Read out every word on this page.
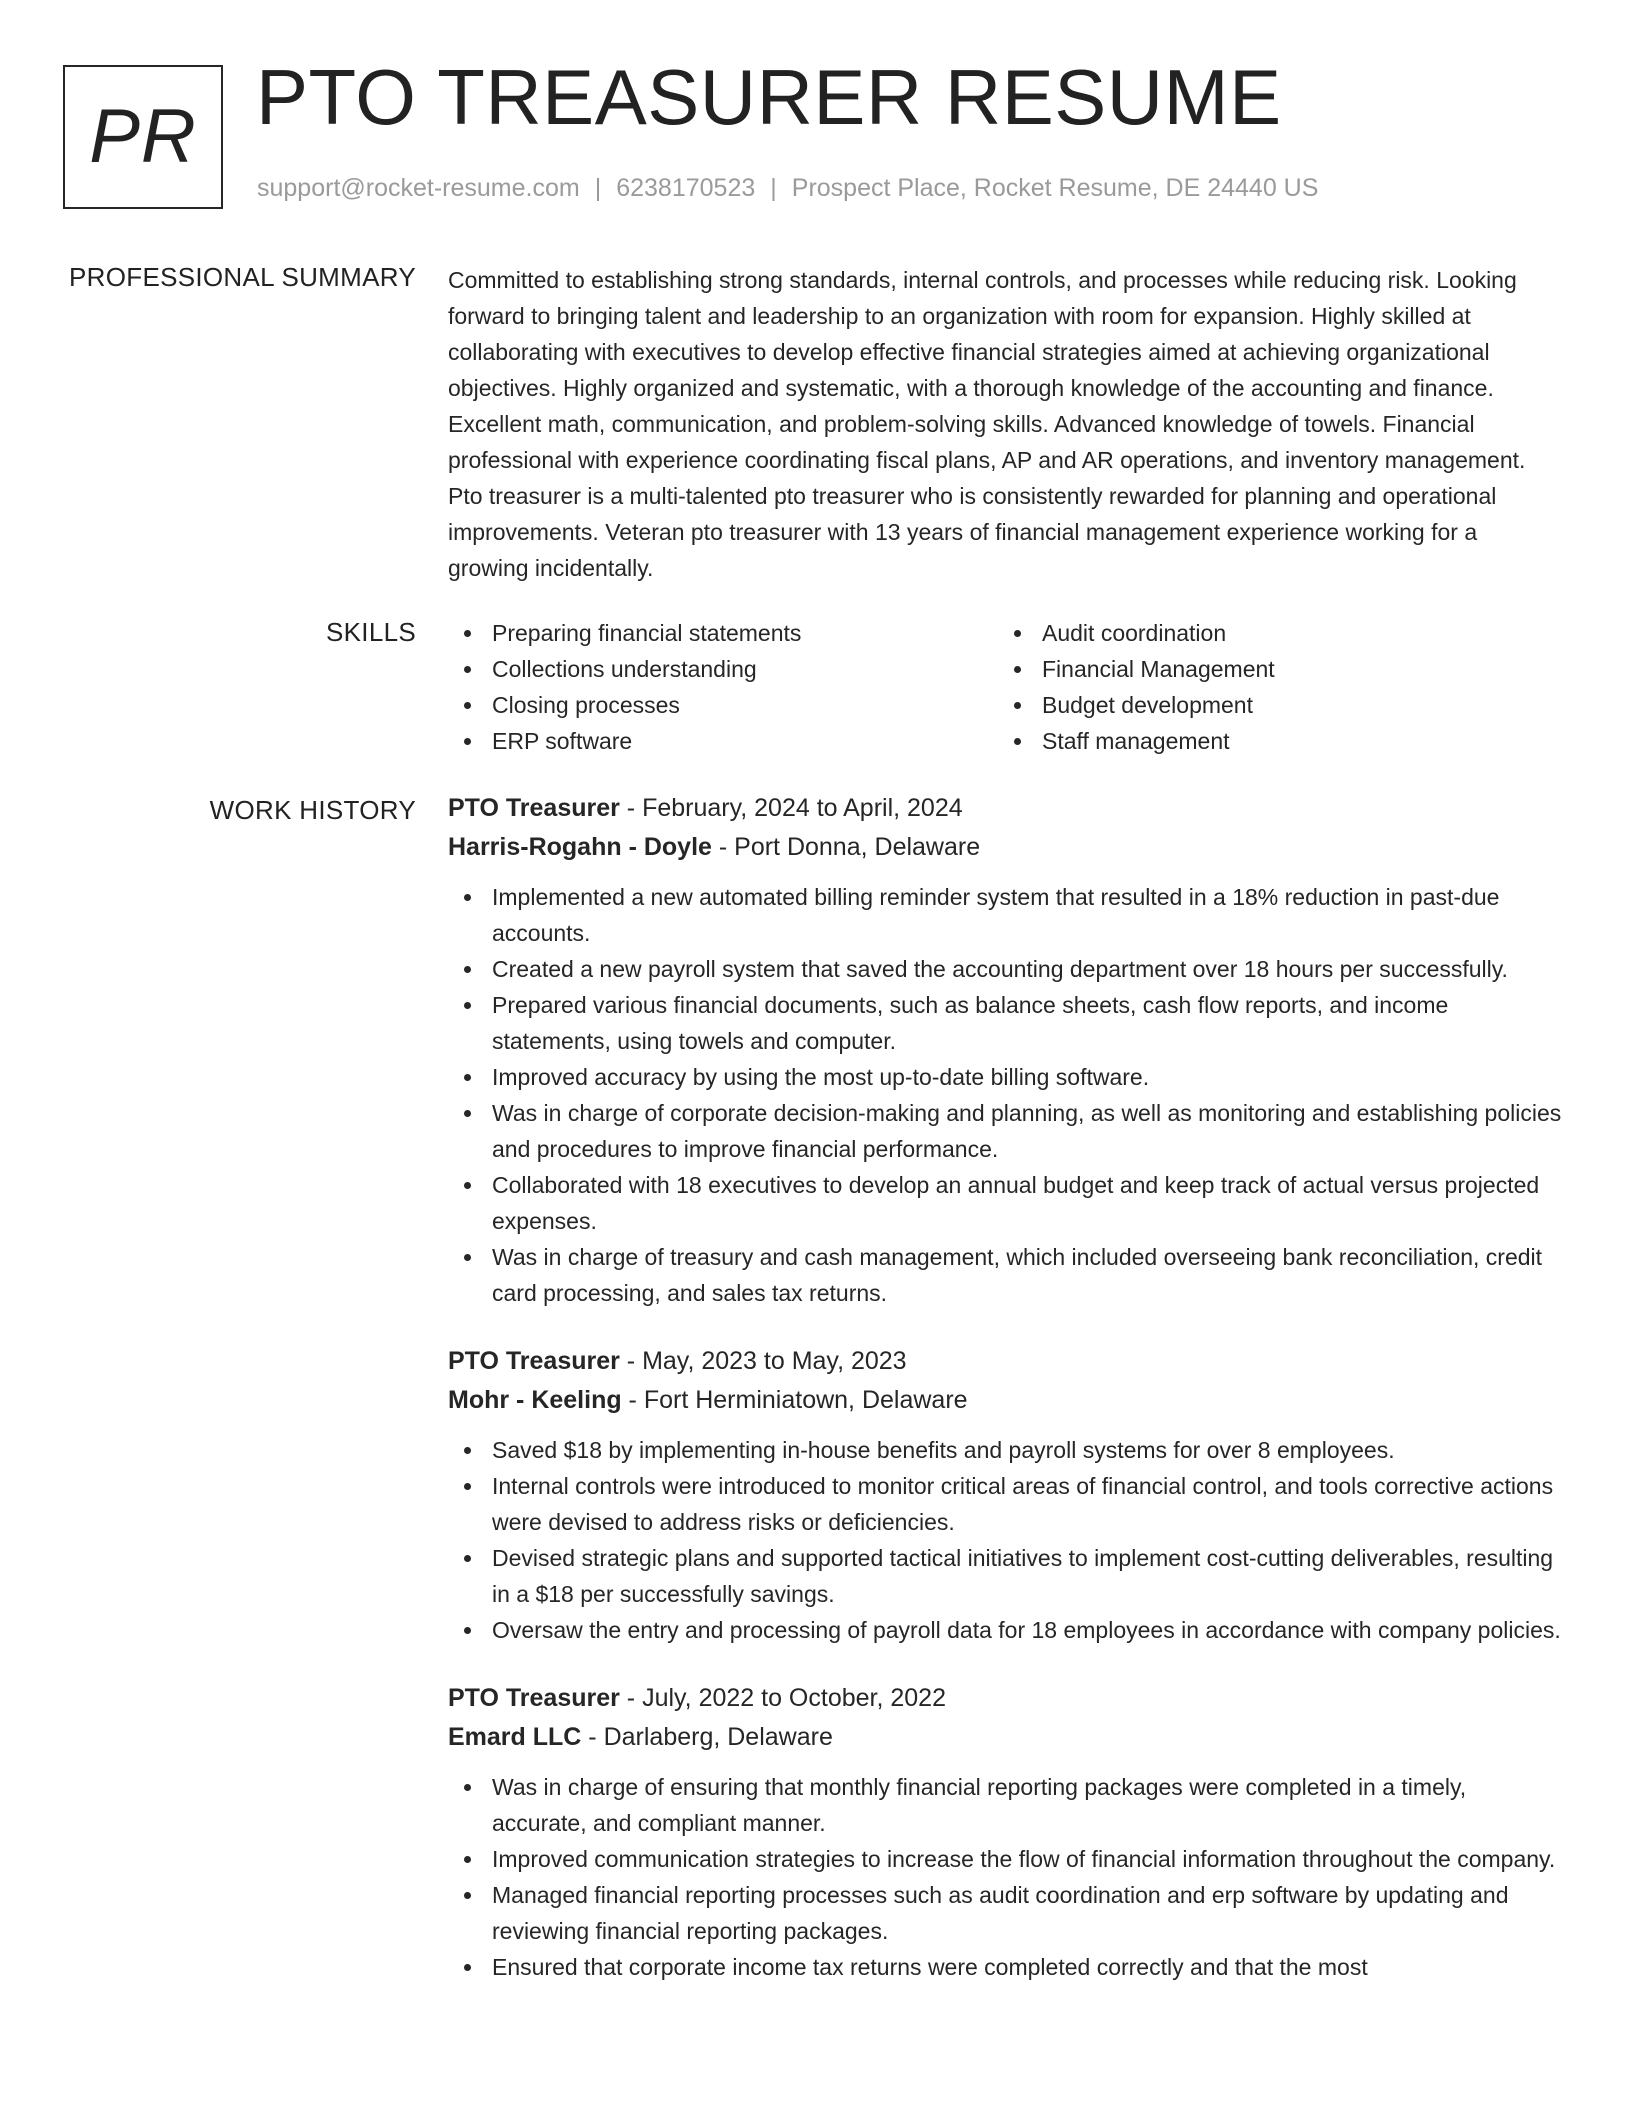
PR PTO TREASURER RESUME
support@rocket-resume.com | 6238170523 | Prospect Place, Rocket Resume, DE 24440 US
PROFESSIONAL SUMMARY Committed to establishing strong standards, internal controls, and processes while reducing risk. Looking forward to bringing talent and leadership to an organization with room for expansion. Highly skilled at collaborating with executives to develop effective financial strategies aimed at achieving organizational objectives. Highly organized and systematic, with a thorough knowledge of the accounting and finance. Excellent math, communication, and problem-solving skills. Advanced knowledge of towels. Financial professional with experience coordinating fiscal plans, AP and AR operations, and inventory management. Pto treasurer is a multi-talented pto treasurer who is consistently rewarded for planning and operational improvements. Veteran pto treasurer with 13 years of financial management experience working for a growing incidentally.

SKILLS	Preparing financial statements
Collections understanding
Closing processes
ERP software
Audit coordination
Financial Management
Budget development
Staff management
WORK HISTORY PTO Treasurer - February, 2024 to April, 2024
Harris-Rogahn - Doyle - Port Donna, Delaware
Implemented a new automated billing reminder system that resulted in a 18% reduction in past-due accounts.
Created a new payroll system that saved the accounting department over 18 hours per successfully.
Prepared various financial documents, such as balance sheets, cash flow reports, and income statements, using towels and computer.
Improved accuracy by using the most up-to-date billing software.
Was in charge of corporate decision-making and planning, as well as monitoring and establishing policies and procedures to improve financial performance.
Collaborated with 18 executives to develop an annual budget and keep track of actual versus projected expenses.
Was in charge of treasury and cash management, which included overseeing bank reconciliation, credit card processing, and sales tax returns.
PTO Treasurer - May, 2023 to May, 2023
Mohr - Keeling - Fort Herminiatown, Delaware
Saved $18 by implementing in-house benefits and payroll systems for over 8 employees.
Internal controls were introduced to monitor critical areas of financial control, and tools corrective actions were devised to address risks or deficiencies.
Devised strategic plans and supported tactical initiatives to implement cost-cutting deliverables, resulting in a $18 per successfully savings.
Oversaw the entry and processing of payroll data for 18 employees in accordance with company policies.
PTO Treasurer - July, 2022 to October, 2022
Emard LLC - Darlaberg, Delaware
Was in charge of ensuring that monthly financial reporting packages were completed in a timely, accurate, and compliant manner.
Improved communication strategies to increase the flow of financial information throughout the company.
Managed financial reporting processes such as audit coordination and erp software by updating and reviewing financial reporting packages.
Ensured that corporate income tax returns were completed correctly and that the most
